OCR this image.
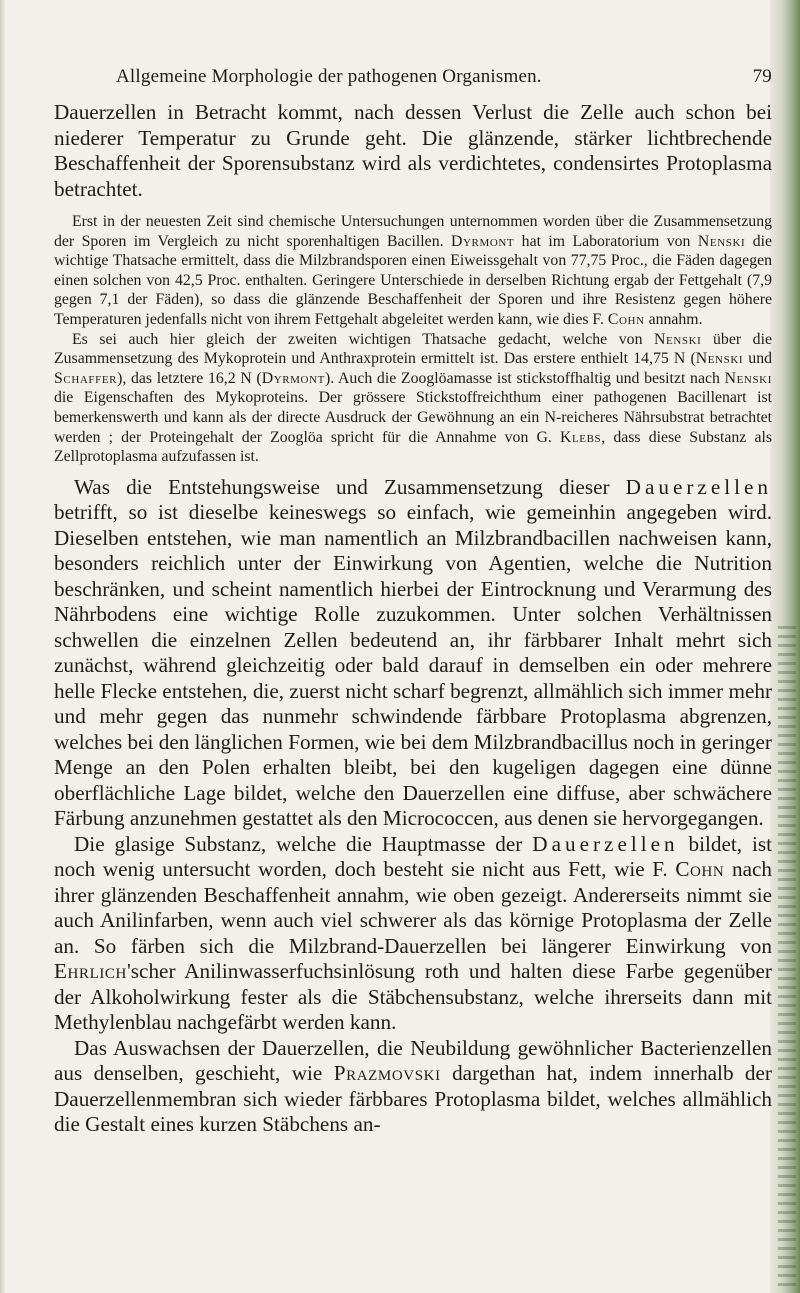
Allgemeine Morphologie der pathogenen Organismen.	79

Dauerzellen in Betracht kommt, nach dessen Verlust die Zelle auch schon bei niederer Temperatur zu Grunde geht. Die glänzende, stärker lichtbrechende Beschaffenheit der Sporensubstanz wird als verdichtetes, condensirtes Protoplasma betrachtet.

Erst in der neuesten Zeit sind chemische Untersuchungen unternommen worden über die Zusammensetzung der Sporen im Vergleich zu nicht sporenhaltigen Bacillen. Dyrmont hat im Laboratorium von Nenski die wichtige Thatsache ermittelt, dass die Milzbrandsporen einen Eiweissgehalt von 77,75 Proc., die Fäden dagegen einen solchen von 42,5 Proc. enthalten. Geringere Unterschiede in derselben Richtung ergab der Fettgehalt (7,9 gegen 7,1 der Fäden), so dass die glänzende Beschaffenheit der Sporen und ihre Resistenz gegen höhere Temperaturen jedenfalls nicht von ihrem Fettgehalt abgeleitet werden kann, wie dies F. Cohn annahm.

Es sei auch hier gleich der zweiten wichtigen Thatsache gedacht, welche von Nenski über die Zusammensetzung des Mykoprotein und Anthraxprotein ermittelt ist. Das erstere enthielt 14,75 N (Nenski und Schaffer), das letztere 16,2 N (Dyrmont). Auch die Zooglöamasse ist stickstoffhaltig und besitzt nach Nenski die Eigenschaften des Mykoproteins. Der grössere Stickstoffreichthum einer pathogenen Bacillenart ist bemerkenswerth und kann als der directe Ausdruck der Gewöhnung an ein N-reicheres Nährsubstrat betrachtet werden ; der Proteingehalt der Zooglöa spricht für die Annahme von G. Klebs, dass diese Substanz als Zellprotoplasma aufzufassen ist.

Was die Entstehungsweise und Zusammensetzung dieser Dauerzellen betrifft, so ist dieselbe keineswegs so einfach, wie gemeinhin angegeben wird. Dieselben entstehen, wie man namentlich an Milzbrandbacillen nachweisen kann, besonders reichlich unter der Einwirkung von Agentien, welche die Nutrition beschränken, und scheint namentlich hierbei der Eintrocknung und Verarmung des Nährbodens eine wichtige Rolle zuzukommen. Unter solchen Verhältnissen schwellen die einzelnen Zellen bedeutend an, ihr färbbarer Inhalt mehrt sich zunächst, während gleichzeitig oder bald darauf in demselben ein oder mehrere helle Flecke entstehen, die, zuerst nicht scharf begrenzt, allmählich sich immer mehr und mehr gegen das nunmehr schwindende färbbare Protoplasma abgrenzen, welches bei den länglichen Formen, wie bei dem Milzbrandbacillus noch in geringer Menge an den Polen erhalten bleibt, bei den kugeligen dagegen eine dünne oberflächliche Lage bildet, welche den Dauerzellen eine diffuse, aber schwächere Färbung anzunehmen gestattet als den Micrococcen, aus denen sie hervorgegangen.

Die glasige Substanz, welche die Hauptmasse der Dauerzellen bildet, ist noch wenig untersucht worden, doch besteht sie nicht aus Fett, wie F. Cohn nach ihrer glänzenden Beschaffenheit annahm, wie oben gezeigt. Andererseits nimmt sie auch Anilinfarben, wenn auch viel schwerer als das körnige Protoplasma der Zelle an. So färben sich die Milzbrand-Dauerzellen bei längerer Einwirkung von Ehrlich'scher Anilinwasserfuchsinlösung roth und halten diese Farbe gegenüber der Alkoholwirkung fester als die Stäbchensubstanz, welche ihrerseits dann mit Methylenblau nachgefärbt werden kann.

Das Auswachsen der Dauerzellen, die Neubildung gewöhnlicher Bacterienzellen aus denselben, geschieht, wie Prazmovski dargethan hat, indem innerhalb der Dauerzellenmembran sich wieder färbbares Protoplasma bildet, welches allmählich die Gestalt eines kurzen Stäbchens an-
